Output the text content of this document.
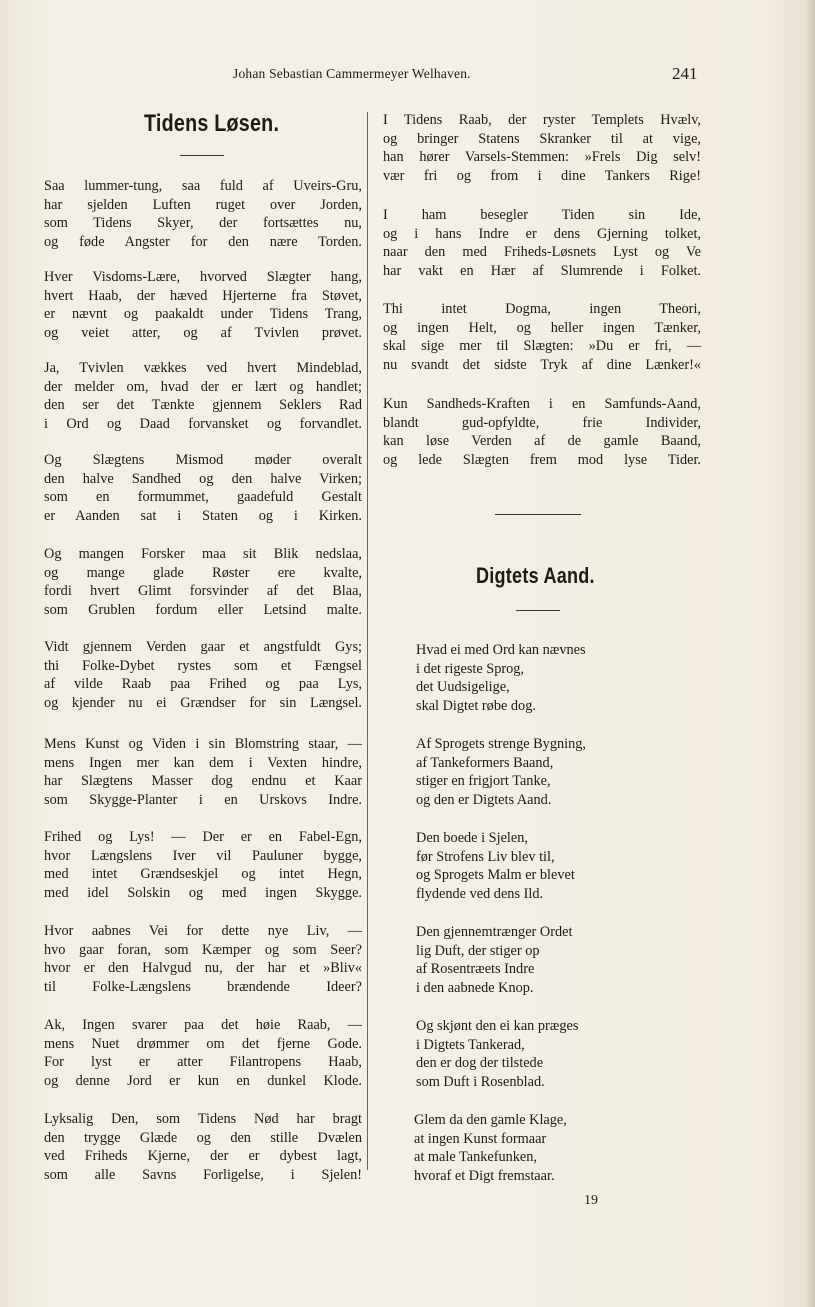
Johan Sebastian Cammermeyer Welhaven.	241
Tidens Løsen.
Saa lummer-tung, saa fuld af Uveirs-Gru,
har sjelden Luften ruget over Jorden,
som Tidens Skyer, der fortsættes nu,
og føde Angster for den nære Torden.
Hver Visdoms-Lære, hvorved Slægter hang,
hvert Haab, der hæved Hjerterne fra Støvet,
er nævnt og paakaldt under Tidens Trang,
og veiet atter, og af Tvivlen prøvet.
Ja, Tvivlen vækkes ved hvert Mindeblad,
der melder om, hvad der er lært og handlet;
den ser det Tænkte gjennem Seklers Rad
i Ord og Daad forvansket og forvandlet.
Og Slægtens Mismod møder overalt
den halve Sandhed og den halve Virken;
som en formummet, gaadefuld Gestalt
er Aanden sat i Staten og i Kirken.
Og mangen Forsker maa sit Blik nedslaa,
og mange glade Røster ere kvalte,
fordi hvert Glimt forsvinder af det Blaa,
som Grublen fordum eller Letsind malte.
Vidt gjennem Verden gaar et angstfuldt Gys;
thi Folke-Dybet rystes som et Fængsel
af vilde Raab paa Frihed og paa Lys,
og kjender nu ei Grændser for sin Længsel.
Mens Kunst og Viden i sin Blomstring staar, —
mens Ingen mer kan dem i Vexten hindre,
har Slægtens Masser dog endnu et Kaar
som Skygge-Planter i en Urskovs Indre.
Frihed og Lys! — Der er en Fabel-Egn,
hvor Længslens Iver vil Pauluner bygge,
med intet Grændseskjel og intet Hegn,
med idel Solskin og med ingen Skygge.
Hvor aabnes Vei for dette nye Liv, —
hvo gaar foran, som Kæmper og som Seer?
hvor er den Halvgud nu, der har et »Bliv«
til Folke-Længslens brændende Ideer?
Ak, Ingen svarer paa det høie Raab, —
mens Nuet drømmer om det fjerne Gode.
For lyst er atter Filantropens Haab,
og denne Jord er kun en dunkel Klode.
Lyksalig Den, som Tidens Nød har bragt
den trygge Glæde og den stille Dvælen
ved Friheds Kjerne, der er dybest lagt,
som alle Savns Forligelse, i Sjelen!
I Tidens Raab, der ryster Templets Hvælv,
og bringer Statens Skranker til at vige,
han hører Varsels-Stemmen: »Frels Dig selv!
vær fri og from i dine Tankers Rige!
I ham besegler Tiden sin Ide,
og i hans Indre er dens Gjerning tolket,
naar den med Friheds-Løsnets Lyst og Ve
har vakt en Hær af Slumrende i Folket.
Thi intet Dogma, ingen Theori,
og ingen Helt, og heller ingen Tænker,
skal sige mer til Slægten: »Du er fri, —
nu svandt det sidste Tryk af dine Lænker!«
Kun Sandheds-Kraften i en Samfunds-Aand,
blandt gud-opfyldte, frie Individer,
kan løse Verden af de gamle Baand,
og lede Slægten frem mod lyse Tider.
Digtets Aand.
Hvad ei med Ord kan nævnes
i det rigeste Sprog,
det Uudsigelige,
skal Digtet røbe dog.
Af Sprogets strenge Bygning,
af Tankeformers Baand,
stiger en frigjort Tanke,
og den er Digtets Aand.
Den boede i Sjelen,
før Strofens Liv blev til,
og Sprogets Malm er blevet
flydende ved dens Ild.
Den gjennemtrænger Ordet
lig Duft, der stiger op
af Rosentræets Indre
i den aabnede Knop.
Og skjønt den ei kan præges
i Digtets Tankerad,
den er dog der tilstede
som Duft i Rosenblad.
Glem da den gamle Klage,
at ingen Kunst formaar
at male Tankefunken,
hvoraf et Digt fremstaar.
19
